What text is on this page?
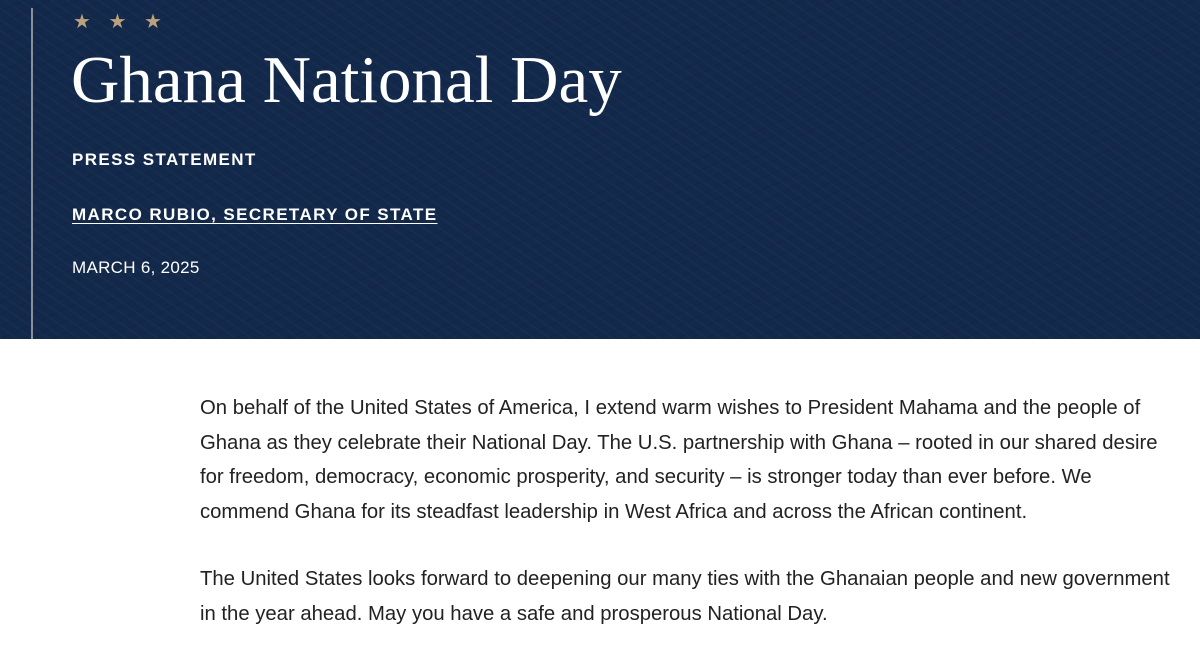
★ ★ ★
Ghana National Day
PRESS STATEMENT
MARCO RUBIO, SECRETARY OF STATE
MARCH 6, 2025

On behalf of the United States of America, I extend warm wishes to President Mahama and the people of Ghana as they celebrate their National Day. The U.S. partnership with Ghana – rooted in our shared desire for freedom, democracy, economic prosperity, and security – is stronger today than ever before. We commend Ghana for its steadfast leadership in West Africa and across the African continent.

The United States looks forward to deepening our many ties with the Ghanaian people and new government in the year ahead. May you have a safe and prosperous National Day.
